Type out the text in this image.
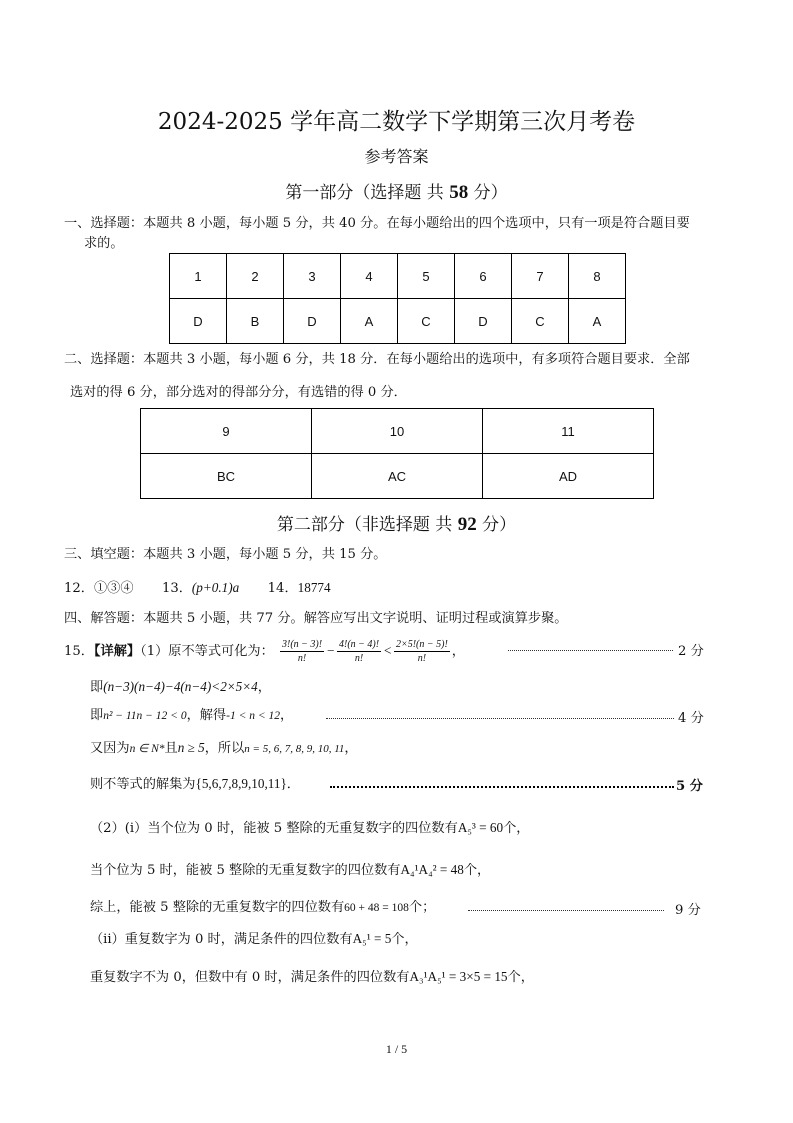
2024-2025 学年高二数学下学期第三次月考卷
参考答案
第一部分（选择题 共 58 分）
一、选择题：本题共 8 小题，每小题 5 分，共 40 分。在每小题给出的四个选项中，只有一项是符合题目要
求的。
1	2	3	4	5	6	7	8
D	B	D	A	C	D	C	A
二、选择题：本题共 3 小题，每小题 6 分，共 18 分．在每小题给出的选项中，有多项符合题目要求．全部
选对的得 6 分，部分选对的得部分分，有选错的得 0 分．
9	10	11
BC	AC	AD
第二部分（非选择题 共 92 分）
三、填空题：本题共 3 小题，每小题 5 分，共 15 分。
12．①③④ 13．(p+0.1)a 14．18774
四、解答题：本题共 5 小题，共 77 分。解答应写出文字说明、证明过程或演算步聚。
15．【详解】（1）原不等式可化为： $\frac{3!(n - 3)!}{n!} - \frac{4!(n - 4)!}{n!} < \frac{2\times 5!(n - 5)!}{n!}$ ，	2 分
即(n−3)(n−4)−4(n−4)<2×5×4，
即n² − 11n − 12 < 0，解得-1 < n < 12，	4 分
又因为n ∈ N*且n ≥ 5，所以n = 5, 6, 7, 8, 9, 10, 11，
则不等式的解集为{5,6,7,8,9,10,11}．	5 分
（2）(i）当个位为 0 时，能被 5 整除的无重复数字的四位数有A₅³ = 60个，
当个位为 5 时，能被 5 整除的无重复数字的四位数有A₄¹A₄² = 48个，
综上，能被 5 整除的无重复数字的四位数有60 + 48 = 108个；	9 分
（ii）重复数字为 0 时，满足条件的四位数有A₅¹ = 5个，
重复数字不为 0，但数中有 0 时，满足条件的四位数有A₃¹A₅¹ = 3×5 = 15个，
1 / 5
